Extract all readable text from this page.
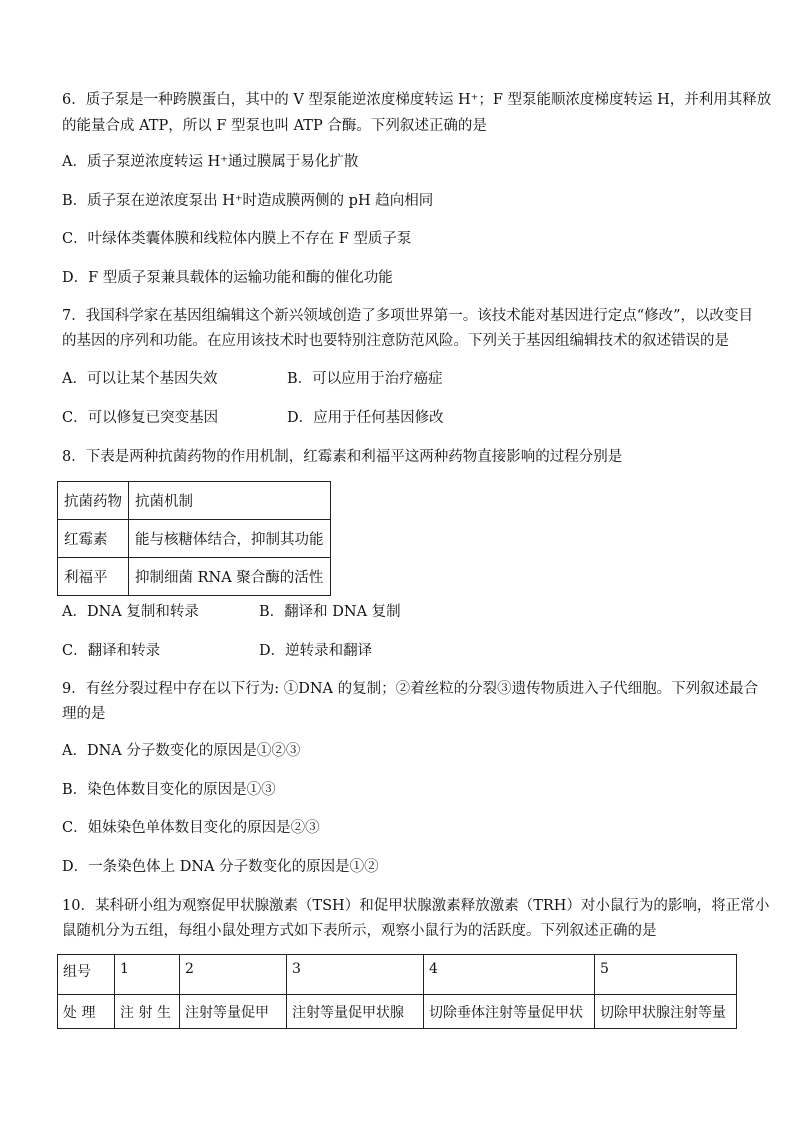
6．质子泵是一种跨膜蛋白，其中的 V 型泵能逆浓度梯度转运 H⁺；F 型泵能顺浓度梯度转运 H，并利用其释放
的能量合成 ATP，所以 F 型泵也叫 ATP 合酶。下列叙述正确的是
A．质子泵逆浓度转运 H⁺通过膜属于易化扩散
B．质子泵在逆浓度泵出 H⁺时造成膜两侧的 pH 趋向相同
C．叶绿体类囊体膜和线粒体内膜上不存在 F 型质子泵
D．F 型质子泵兼具载体的运输功能和酶的催化功能
7．我国科学家在基因组编辑这个新兴领域创造了多项世界第一。该技术能对基因进行定点“修改”，以改变目
的基因的序列和功能。在应用该技术时也要特别注意防范风险。下列关于基因组编辑技术的叙述错误的是
A．可以让某个基因失效	B．可以应用于治疗癌症
C．可以修复已突变基因	D．应用于任何基因修改
8．下表是两种抗菌药物的作用机制，红霉素和利福平这两种药物直接影响的过程分别是
抗菌药物	抗菌机制
红霉素	能与核糖体结合，抑制其功能
利福平	抑制细菌 RNA 聚合酶的活性
A．DNA 复制和转录	B．翻译和 DNA 复制
C．翻译和转录	D．逆转录和翻译
9．有丝分裂过程中存在以下行为: ①DNA 的复制；②着丝粒的分裂③遗传物质进入子代细胞。下列叙述最合
理的是
A．DNA 分子数变化的原因是①②③
B．染色体数目变化的原因是①③
C．姐妹染色单体数目变化的原因是②③
D．一条染色体上 DNA 分子数变化的原因是①②
10．某科研小组为观察促甲状腺激素（TSH）和促甲状腺激素释放激素（TRH）对小鼠行为的影响，将正常小
鼠随机分为五组，每组小鼠处理方式如下表所示，观察小鼠行为的活跃度。下列叙述正确的是
组号	1	2	3	4	5
处 理	注 射 生	注射等量促甲	注射等量促甲状腺	切除垂体注射等量促甲状	切除甲状腺注射等量
